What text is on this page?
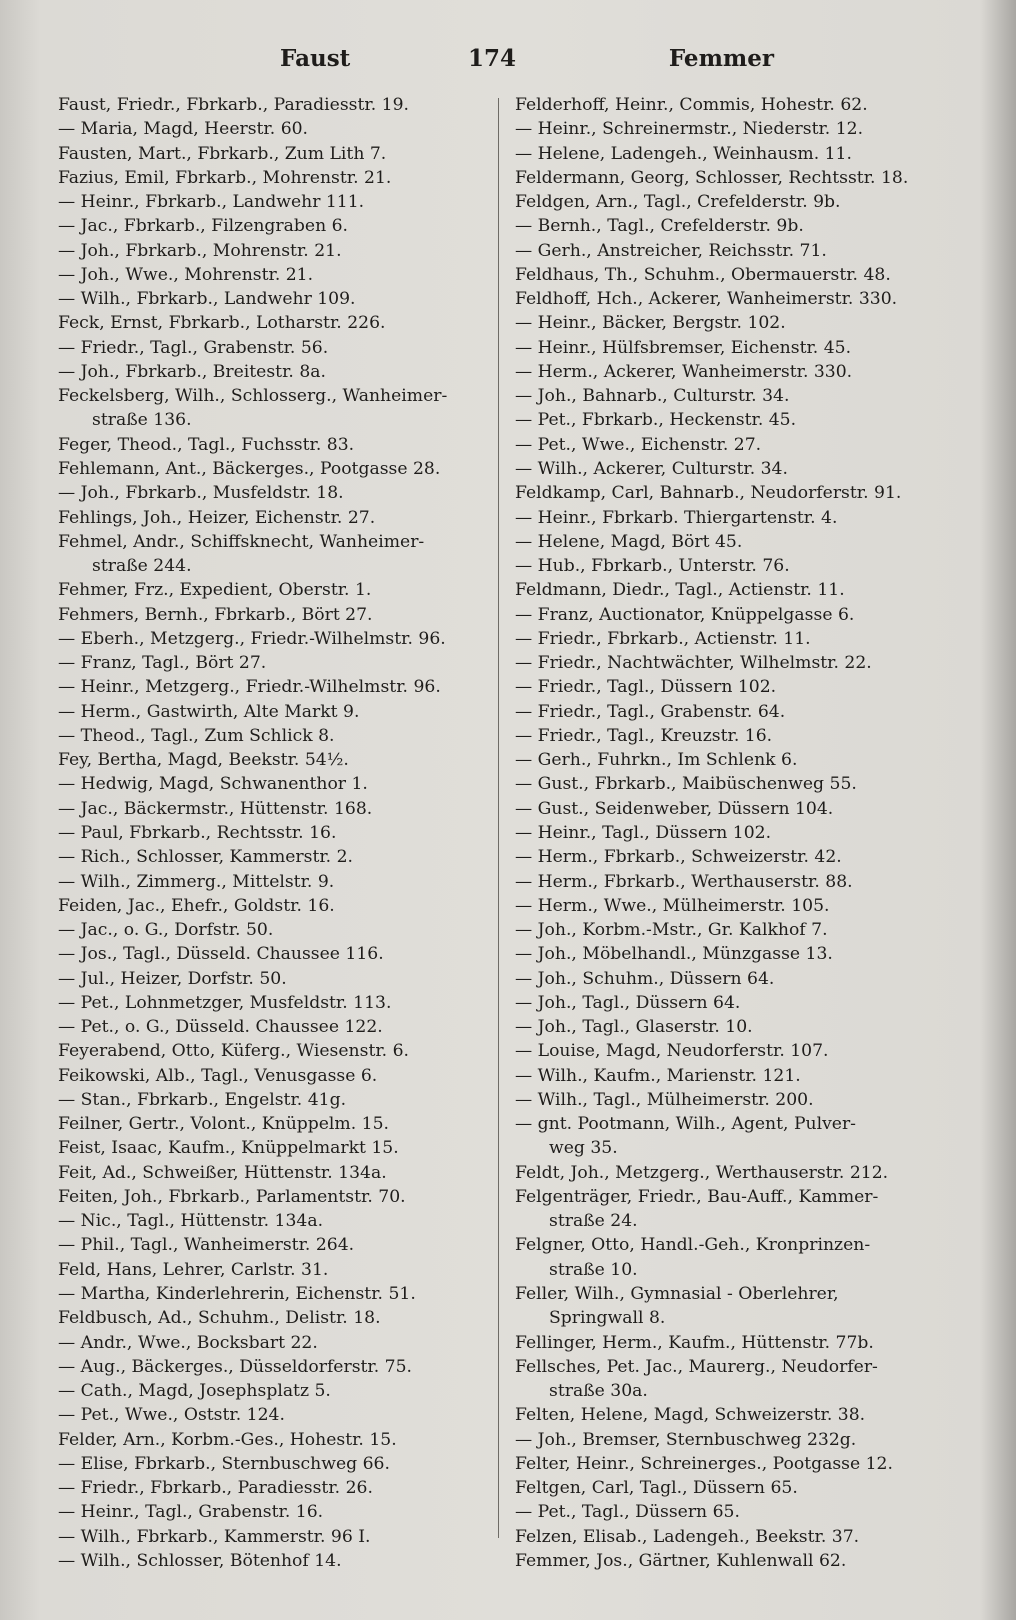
Faust	174	Femmer
Faust, Friedr., Fbrkarb., Paradiesstr. 19.
— Maria, Magd, Heerstr. 60.
Fausten, Mart., Fbrkarb., Zum Lith 7.
Fazius, Emil, Fbrkarb., Mohrenstr. 21.
— Heinr., Fbrkarb., Landwehr 111.
— Jac., Fbrkarb., Filzengraben 6.
— Joh., Fbrkarb., Mohrenstr. 21.
— Joh., Wwe., Mohrenstr. 21.
— Wilh., Fbrkarb., Landwehr 109.
Feck, Ernst, Fbrkarb., Lotharstr. 226.
— Friedr., Tagl., Grabenstr. 56.
— Joh., Fbrkarb., Breitestr. 8a.
Feckelsberg, Wilh., Schlosserg., Wanheimer-
straße 136.
Feger, Theod., Tagl., Fuchsstr. 83.
Fehlemann, Ant., Bäckerges., Pootgasse 28.
— Joh., Fbrkarb., Musfeldstr. 18.
Fehlings, Joh., Heizer, Eichenstr. 27.
Fehmel, Andr., Schiffsknecht, Wanheimer-
straße 244.
Fehmer, Frz., Expedient, Oberstr. 1.
Fehmers, Bernh., Fbrkarb., Bört 27.
— Eberh., Metzgerg., Friedr.-Wilhelmstr. 96.
— Franz, Tagl., Bört 27.
— Heinr., Metzgerg., Friedr.-Wilhelmstr. 96.
— Herm., Gastwirth, Alte Markt 9.
— Theod., Tagl., Zum Schlick 8.
Fey, Bertha, Magd, Beekstr. 54½.
— Hedwig, Magd, Schwanenthor 1.
— Jac., Bäckermstr., Hüttenstr. 168.
— Paul, Fbrkarb., Rechtsstr. 16.
— Rich., Schlosser, Kammerstr. 2.
— Wilh., Zimmerg., Mittelstr. 9.
Feiden, Jac., Ehefr., Goldstr. 16.
— Jac., o. G., Dorfstr. 50.
— Jos., Tagl., Düsseld. Chaussee 116.
— Jul., Heizer, Dorfstr. 50.
— Pet., Lohnmetzger, Musfeldstr. 113.
— Pet., o. G., Düsseld. Chaussee 122.
Feyerabend, Otto, Küferg., Wiesenstr. 6.
Feikowski, Alb., Tagl., Venusgasse 6.
— Stan., Fbrkarb., Engelstr. 41g.
Feilner, Gertr., Volont., Knüppelm. 15.
Feist, Isaac, Kaufm., Knüppelmarkt 15.
Feit, Ad., Schweißer, Hüttenstr. 134a.
Feiten, Joh., Fbrkarb., Parlamentstr. 70.
— Nic., Tagl., Hüttenstr. 134a.
— Phil., Tagl., Wanheimerstr. 264.
Feld, Hans, Lehrer, Carlstr. 31.
— Martha, Kinderlehrerin, Eichenstr. 51.
Feldbusch, Ad., Schuhm., Delistr. 18.
— Andr., Wwe., Bocksbart 22.
— Aug., Bäckerges., Düsseldorferstr. 75.
— Cath., Magd, Josephsplatz 5.
— Pet., Wwe., Oststr. 124.
Felder, Arn., Korbm.-Ges., Hohestr. 15.
— Elise, Fbrkarb., Sternbuschweg 66.
— Friedr., Fbrkarb., Paradiesstr. 26.
— Heinr., Tagl., Grabenstr. 16.
— Wilh., Fbrkarb., Kammerstr. 96 I.
— Wilh., Schlosser, Bötenhof 14.
Felderhoff, Heinr., Commis, Hohestr. 62.
— Heinr., Schreinermstr., Niederstr. 12.
— Helene, Ladengeh., Weinhausm. 11.
Feldermann, Georg, Schlosser, Rechtsstr. 18.
Feldgen, Arn., Tagl., Crefelderstr. 9b.
— Bernh., Tagl., Crefelderstr. 9b.
— Gerh., Anstreicher, Reichsstr. 71.
Feldhaus, Th., Schuhm., Obermauerstr. 48.
Feldhoff, Hch., Ackerer, Wanheimerstr. 330.
— Heinr., Bäcker, Bergstr. 102.
— Heinr., Hülfsbremser, Eichenstr. 45.
— Herm., Ackerer, Wanheimerstr. 330.
— Joh., Bahnarb., Culturstr. 34.
— Pet., Fbrkarb., Heckenstr. 45.
— Pet., Wwe., Eichenstr. 27.
— Wilh., Ackerer, Culturstr. 34.
Feldkamp, Carl, Bahnarb., Neudorferstr. 91.
— Heinr., Fbrkarb. Thiergartenstr. 4.
— Helene, Magd, Bört 45.
— Hub., Fbrkarb., Unterstr. 76.
Feldmann, Diedr., Tagl., Actienstr. 11.
— Franz, Auctionator, Knüppelgasse 6.
— Friedr., Fbrkarb., Actienstr. 11.
— Friedr., Nachtwächter, Wilhelmstr. 22.
— Friedr., Tagl., Düssern 102.
— Friedr., Tagl., Grabenstr. 64.
— Friedr., Tagl., Kreuzstr. 16.
— Gerh., Fuhrkn., Im Schlenk 6.
— Gust., Fbrkarb., Maibüschenweg 55.
— Gust., Seidenweber, Düssern 104.
— Heinr., Tagl., Düssern 102.
— Herm., Fbrkarb., Schweizerstr. 42.
— Herm., Fbrkarb., Werthauserstr. 88.
— Herm., Wwe., Mülheimerstr. 105.
— Joh., Korbm.-Mstr., Gr. Kalkhof 7.
— Joh., Möbelhandl., Münzgasse 13.
— Joh., Schuhm., Düssern 64.
— Joh., Tagl., Düssern 64.
— Joh., Tagl., Glaserstr. 10.
— Louise, Magd, Neudorferstr. 107.
— Wilh., Kaufm., Marienstr. 121.
— Wilh., Tagl., Mülheimerstr. 200.
— gnt. Pootmann, Wilh., Agent, Pulver-
weg 35.
Feldt, Joh., Metzgerg., Werthauserstr. 212.
Felgenträger, Friedr., Bau-Auff., Kammer-
straße 24.
Felgner, Otto, Handl.-Geh., Kronprinzen-
straße 10.
Feller, Wilh., Gymnasial - Oberlehrer,
Springwall 8.
Fellinger, Herm., Kaufm., Hüttenstr. 77b.
Fellsches, Pet. Jac., Maurerg., Neudorfer-
straße 30a.
Felten, Helene, Magd, Schweizerstr. 38.
— Joh., Bremser, Sternbuschweg 232g.
Felter, Heinr., Schreinerges., Pootgasse 12.
Feltgen, Carl, Tagl., Düssern 65.
— Pet., Tagl., Düssern 65.
Felzen, Elisab., Ladengeh., Beekstr. 37.
Femmer, Jos., Gärtner, Kuhlenwall 62.
